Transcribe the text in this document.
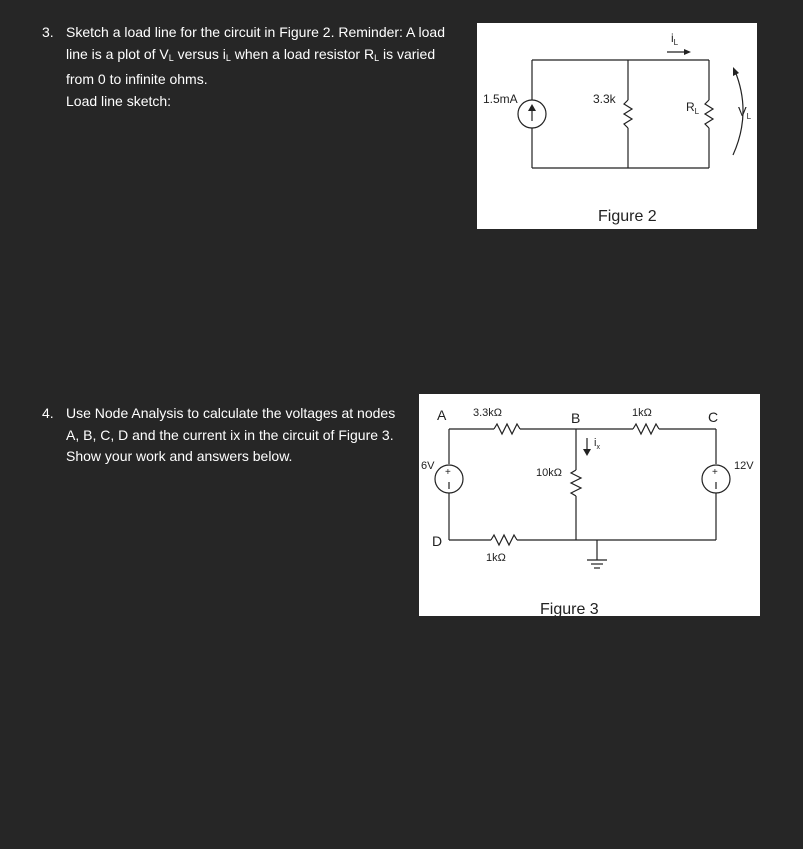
3. Sketch a load line for the circuit in Figure 2. Reminder: A load
line is a plot of $V_L$ versus $i_L$ when a load resistor $R_L$ is varied
from 0 to infinite ohms.
Load line sketch:	1.5mA	3.3k
$R_L$
$i_L$
$V_L$
Figure 2
4. Use Node Analysis to calculate the voltages at nodes
A, B, C, D and the current ix in the circuit of Figure 3.
Show your work and answers below.
+	+
A	B	C
D
3.3kΩ	1kΩ
10kΩ
1kΩ
6V	12V
$i_x$
Figure 3
